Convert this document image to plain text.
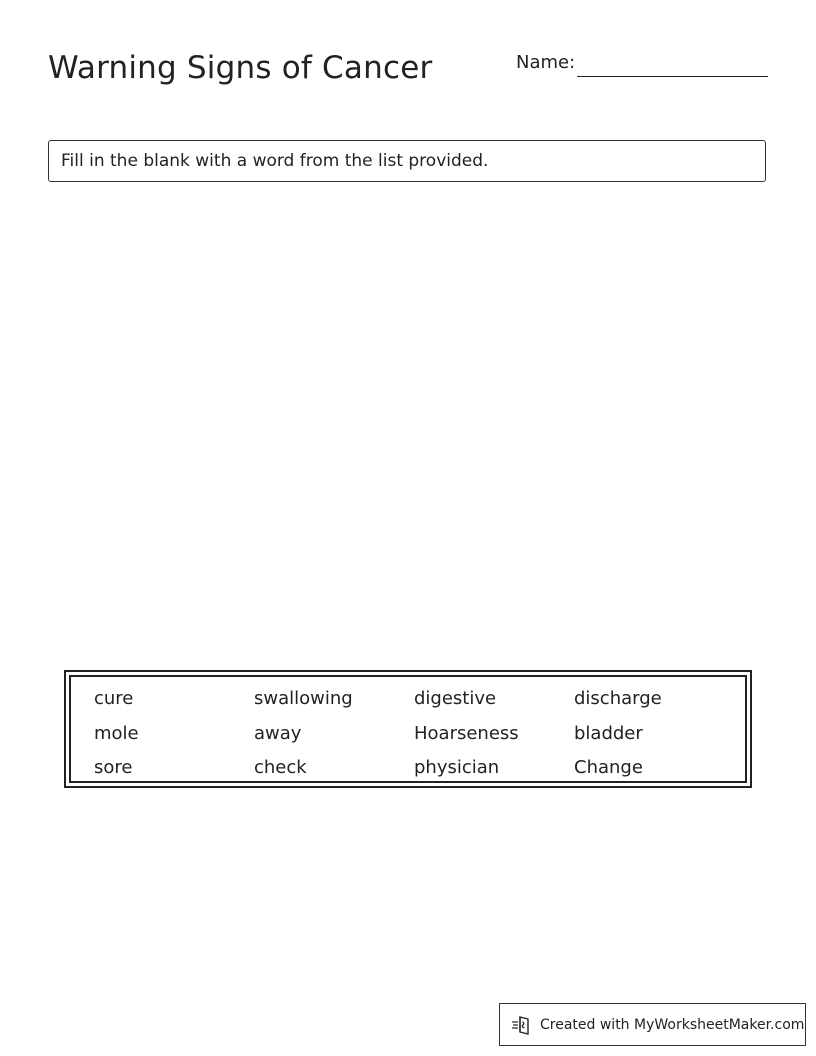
Warning Signs of Cancer	Name:
Fill in the blank with a word from the list provided.
cure	swallowing	digestive	discharge
mole	away	Hoarseness	bladder
sore	check	physician	Change
Created with MyWorksheetMaker.com
